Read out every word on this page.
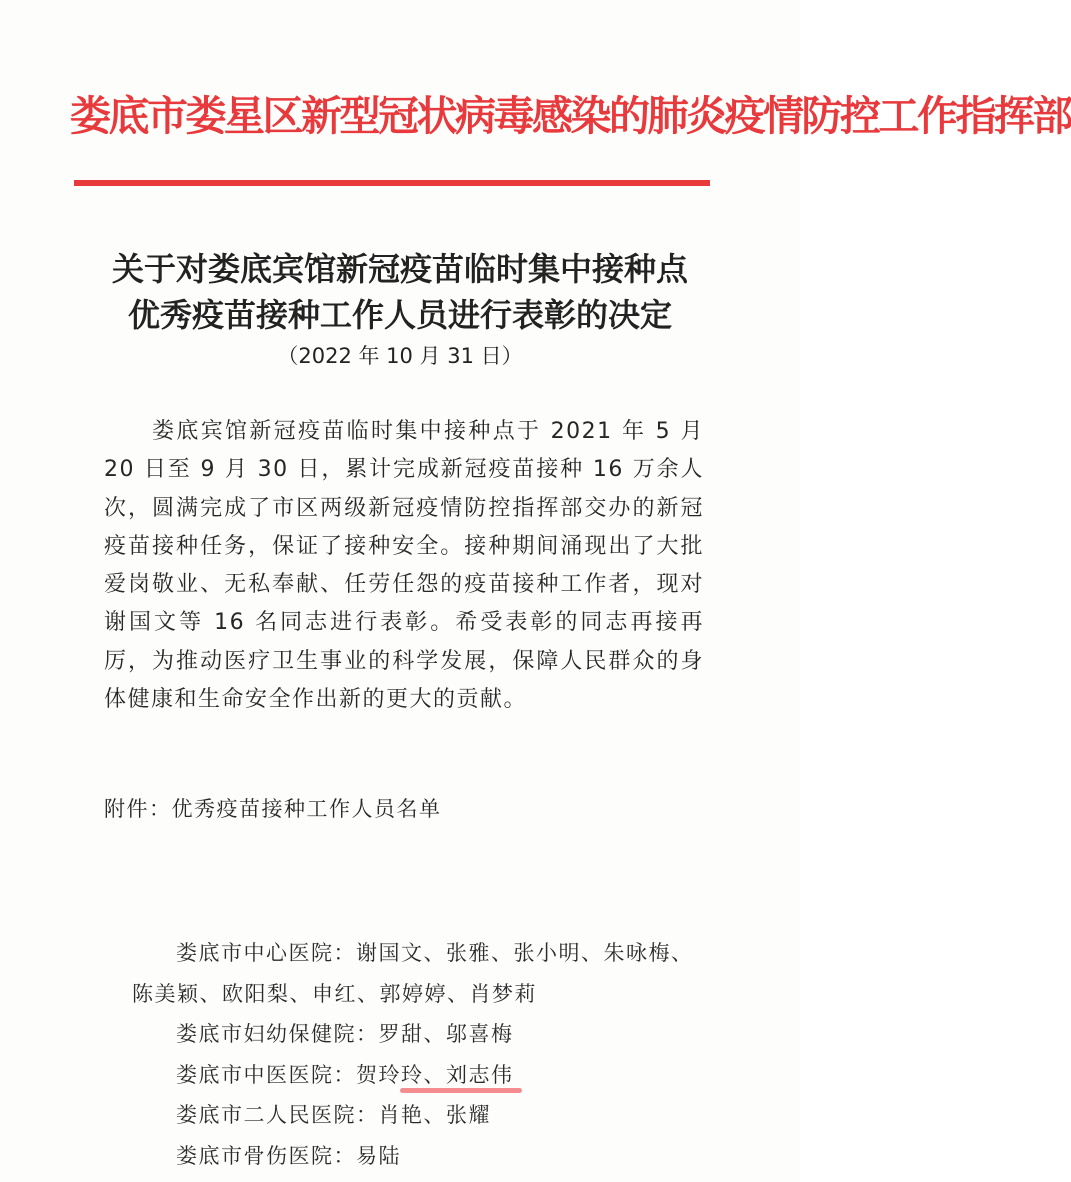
娄底市娄星区新型冠状病毒感染的肺炎疫情防控工作指挥部
关于对娄底宾馆新冠疫苗临时集中接种点
优秀疫苗接种工作人员进行表彰的决定
（2022 年 10 月 31 日）
娄底宾馆新冠疫苗临时集中接种点于 2021 年 5 月 20 日至 9 月 30 日，累计完成新冠疫苗接种 16 万余人次，圆满完成了市区两级新冠疫情防控指挥部交办的新冠疫苗接种任务，保证了接种安全。接种期间涌现出了大批爱岗敬业、无私奉献、任劳任怨的疫苗接种工作者，现对谢国文等 16 名同志进行表彰。希受表彰的同志再接再厉，为推动医疗卫生事业的科学发展，保障人民群众的身体健康和生命安全作出新的更大的贡献。
附件：优秀疫苗接种工作人员名单

娄底市中心医院：谢国文、张雅、张小明、朱咏梅、陈美颖、欧阳梨、申红、郭婷婷、肖梦莉

娄底市妇幼保健院：罗甜、邬喜梅

娄底市中医医院：贺玲玲、刘志伟

娄底市二人民医院：肖艳、张耀

娄底市骨伤医院：易陆
